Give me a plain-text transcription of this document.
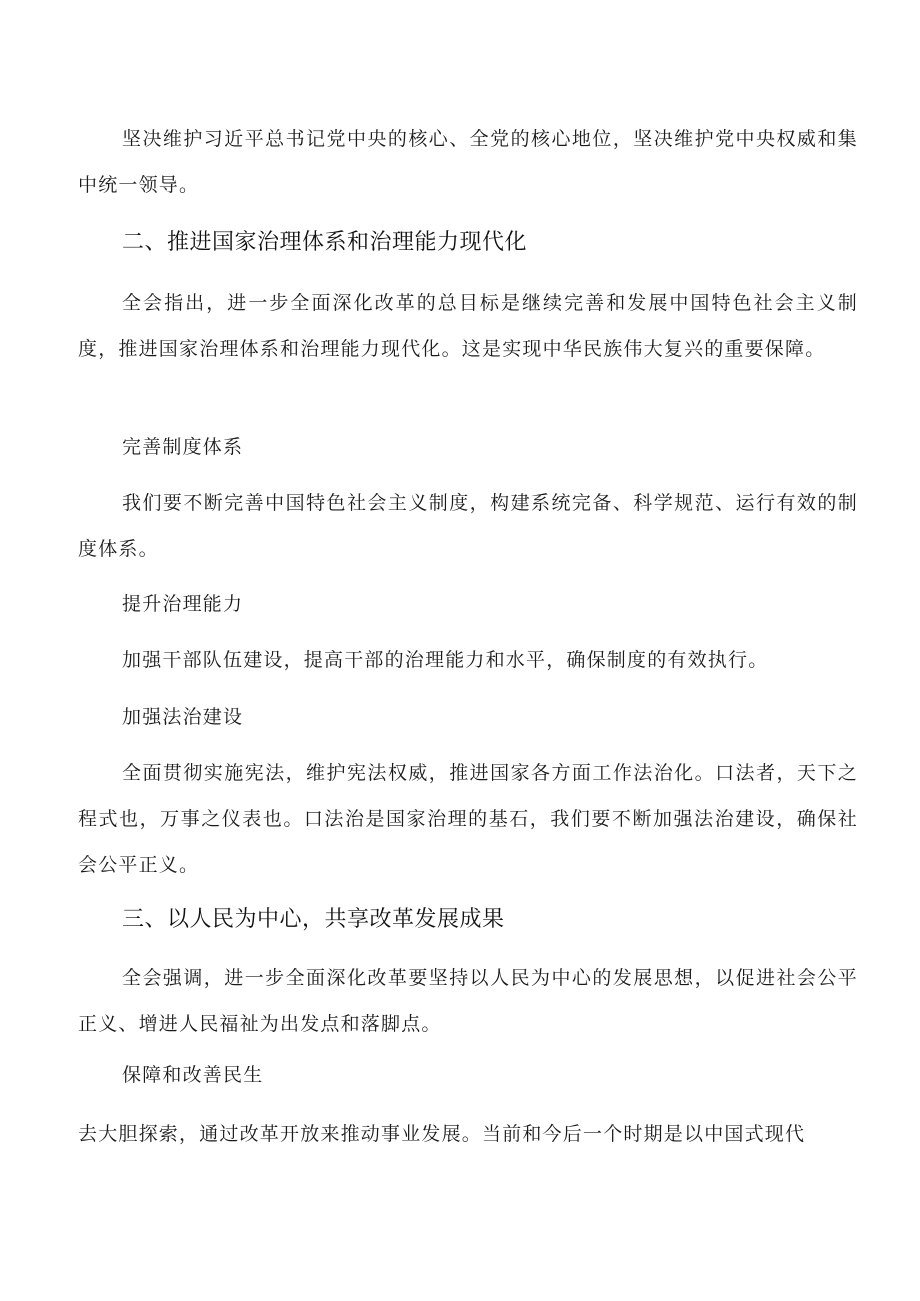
坚决维护习近平总书记党中央的核心、全党的核心地位，坚决维护党中央权威和集中统一领导。

二、推进国家治理体系和治理能力现代化

全会指出，进一步全面深化改革的总目标是继续完善和发展中国特色社会主义制度，推进国家治理体系和治理能力现代化。这是实现中华民族伟大复兴的重要保障。

完善制度体系

我们要不断完善中国特色社会主义制度，构建系统完备、科学规范、运行有效的制度体系。

提升治理能力

加强干部队伍建设，提高干部的治理能力和水平，确保制度的有效执行。

加强法治建设

全面贯彻实施宪法，维护宪法权威，推进国家各方面工作法治化。口法者，天下之程式也，万事之仪表也。口法治是国家治理的基石，我们要不断加强法治建设，确保社会公平正义。

三、以人民为中心，共享改革发展成果

全会强调，进一步全面深化改革要坚持以人民为中心的发展思想，以促进社会公平正义、增进人民福祉为出发点和落脚点。

保障和改善民生

去大胆探索，通过改革开放来推动事业发展。当前和今后一个时期是以中国式现代
